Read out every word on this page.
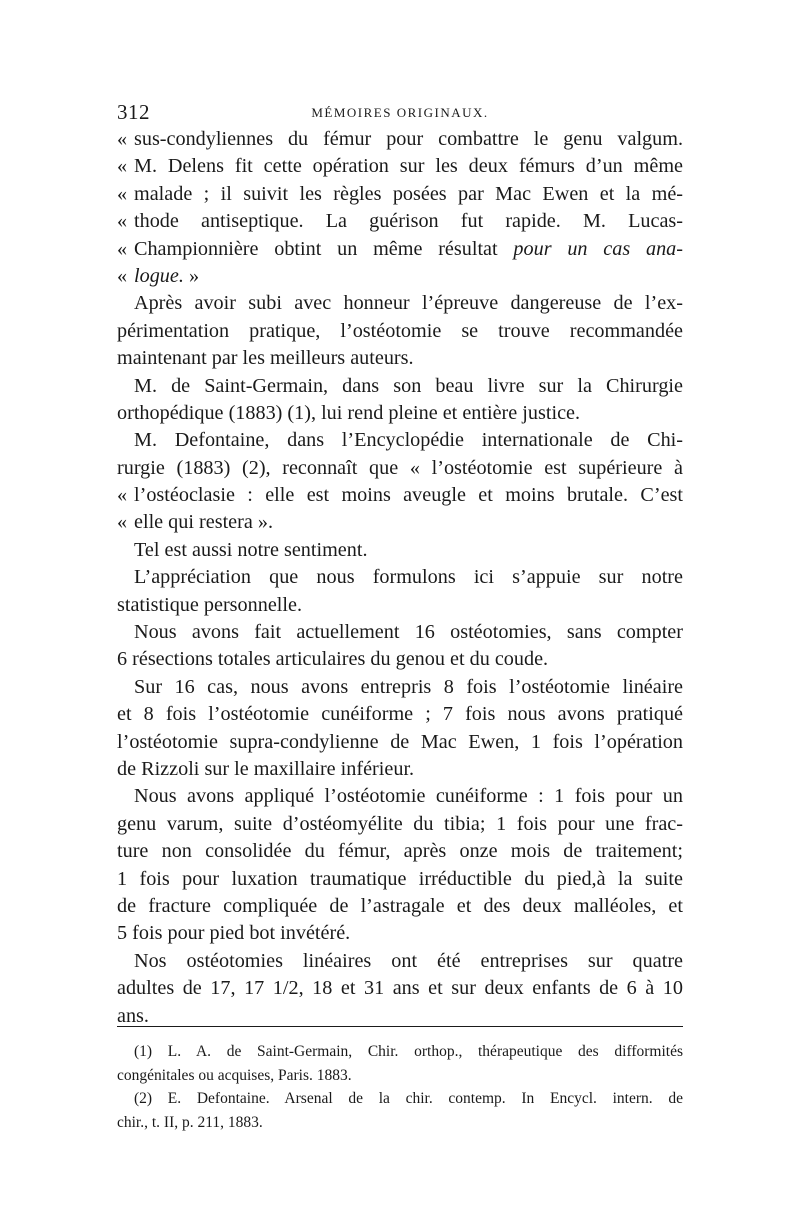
312	MÉMOIRES ORIGINAUX.
« sus-condyliennes du fémur pour combattre le genu valgum.
« M. Delens fit cette opération sur les deux fémurs d’un même
« malade ; il suivit les règles posées par Mac Ewen et la mé-
« thode antiseptique. La guérison fut rapide. M. Lucas-
« Championnière obtint un même résultat pour un cas ana-
« logue. »
Après avoir subi avec honneur l’épreuve dangereuse de l’ex-
périmentation pratique, l’ostéotomie se trouve recommandée
maintenant par les meilleurs auteurs.
M. de Saint-Germain, dans son beau livre sur la Chirurgie
orthopédique (1883) (1), lui rend pleine et entière justice.
M. Defontaine, dans l’Encyclopédie internationale de Chi-
rurgie (1883) (2), reconnaît que « l’ostéotomie est supérieure à
« l’ostéoclasie : elle est moins aveugle et moins brutale. C’est
« elle qui restera ».
Tel est aussi notre sentiment.
L’appréciation que nous formulons ici s’appuie sur notre
statistique personnelle.
Nous avons fait actuellement 16 ostéotomies, sans compter
6 résections totales articulaires du genou et du coude.
Sur 16 cas, nous avons entrepris 8 fois l’ostéotomie linéaire
et 8 fois l’ostéotomie cunéiforme ; 7 fois nous avons pratiqué
l’ostéotomie supra-condylienne de Mac Ewen, 1 fois l’opération
de Rizzoli sur le maxillaire inférieur.
Nous avons appliqué l’ostéotomie cunéiforme : 1 fois pour un
genu varum, suite d’ostéomyélite du tibia; 1 fois pour une frac-
ture non consolidée du fémur, après onze mois de traitement;
1 fois pour luxation traumatique irréductible du pied,à la suite
de fracture compliquée de l’astragale et des deux malléoles, et
5 fois pour pied bot invétéré.
Nos ostéotomies linéaires ont été entreprises sur quatre
adultes de 17, 17 1/2, 18 et 31 ans et sur deux enfants de 6 à 10
ans.
(1) L. A. de Saint-Germain, Chir. orthop., thérapeutique des difformités
congénitales ou acquises, Paris. 1883.
(2) E. Defontaine. Arsenal de la chir. contemp. In Encycl. intern. de
chir., t. II, p. 211, 1883.
